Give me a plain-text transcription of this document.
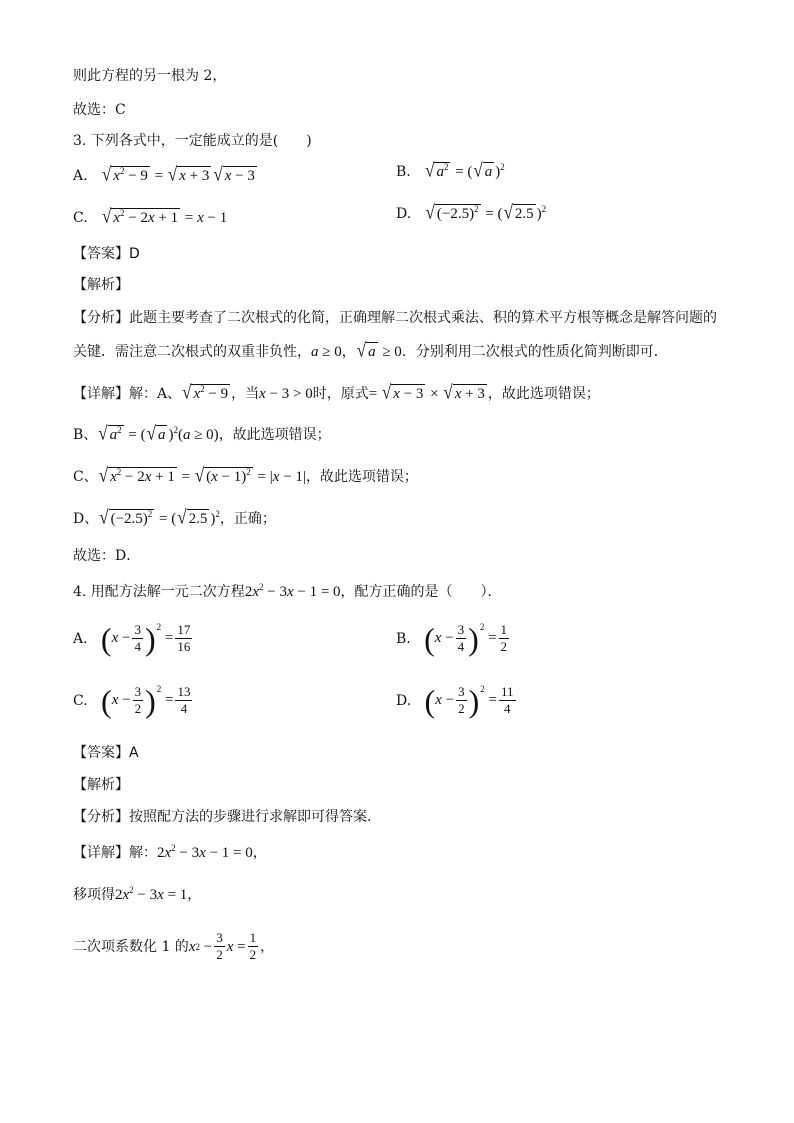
则此方程的另一根为 2，
故选：C
3. 下列各式中，一定能成立的是(　　)
A.
√ $x^2 - 9$ = √ x + 3 √ x − 3	B.
√ $a^2$ = ( √ a )$^2$
C.
√ $x^2 - 2x + 1 = x - 1$	D.
√ $(-2.5)^2$ = ( √ 2.5 )$^2$
【答案】D
【解析】
【分析】此题主要考查了二次根式的化简，正确理解二次根式乘法、积的算术平方根等概念是解答问题的
关键．需注意二次根式的双重非负性，a ≥ 0， √ a ≥ 0．分别利用二次根式的性质化简判断即可．
【详解】解：A、 √ $x^2 - 9$ ，当x − 3 > 0时，原式= √ x − 3 × √ x + 3 ，故此选项错误；
B、 √ $a^2$ = ( √ a )$^2$(a ≥ 0)，故此选项错误；
C、 √ $x^2 - 2x + 1$ = √ $(x - 1)^2 = |x - 1|$，故此选项错误；
D、 √ $(-2.5)^2$ = ( √ 2.5 )$^2$，正确；
故选：D．
4. 用配方法解一元二次方程$2x^2 - 3x - 1 = 0$，配方正确的是（　　）．
A.
( x −
3
4 ) 2
=
17
16	B.
( x −
3
4 ) 2
=
1
2
C.
( x −
3
2 ) 2
=
13
4	D.
( x −
3
2 ) 2
=
11
4
【答案】A
【解析】
【分析】按照配方法的步骤进行求解即可得答案．
【详解】解：$2x^2 - 3x - 1 = 0$，
移项得$2x^2 - 3x = 1$，
二次项系数化 1 的 x 2 −
3
2 x =
1
2 ，
